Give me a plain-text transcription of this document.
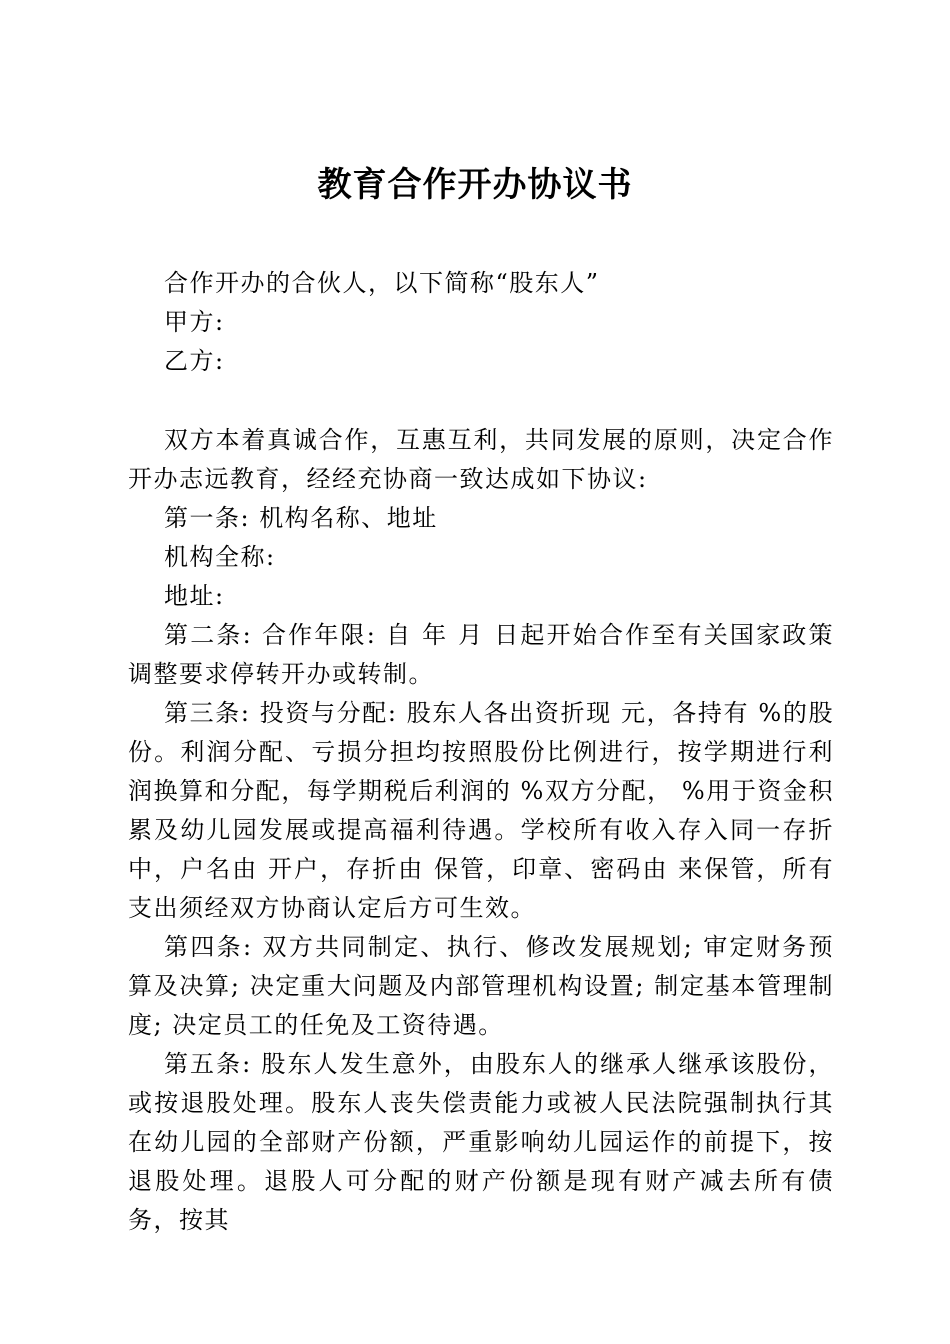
教育合作开办协议书

合作开办的合伙人，以下简称“股东人”

甲方:

乙方:

双方本着真诚合作，互惠互利，共同发展的原则，决定合作开办志远教育，经经充协商一致达成如下协议:

第一条: 机构名称、地址

机构全称:

地址:

第二条: 合作年限: 自 年 月 日起开始合作至有关国家政策调整要求停转开办或转制。

第三条: 投资与分配: 股东人各出资折现 元，各持有 %的股份。利润分配、亏损分担均按照股份比例进行，按学期进行利润换算和分配，每学期税后利润的 %双方分配， %用于资金积累及幼儿园发展或提高福利待遇。学校所有收入存入同一存折中，户名由 开户，存折由 保管，印章、密码由 来保管，所有支出须经双方协商认定后方可生效。

第四条: 双方共同制定、执行、修改发展规划; 审定财务预算及决算; 决定重大问题及内部管理机构设置; 制定基本管理制度; 决定员工的任免及工资待遇。

第五条: 股东人发生意外，由股东人的继承人继承该股份，或按退股处理。股东人丧失偿责能力或被人民法院强制执行其在幼儿园的全部财产份额，严重影响幼儿园运作的前提下，按退股处理。退股人可分配的财产份额是现有财产减去所有债务，按其
